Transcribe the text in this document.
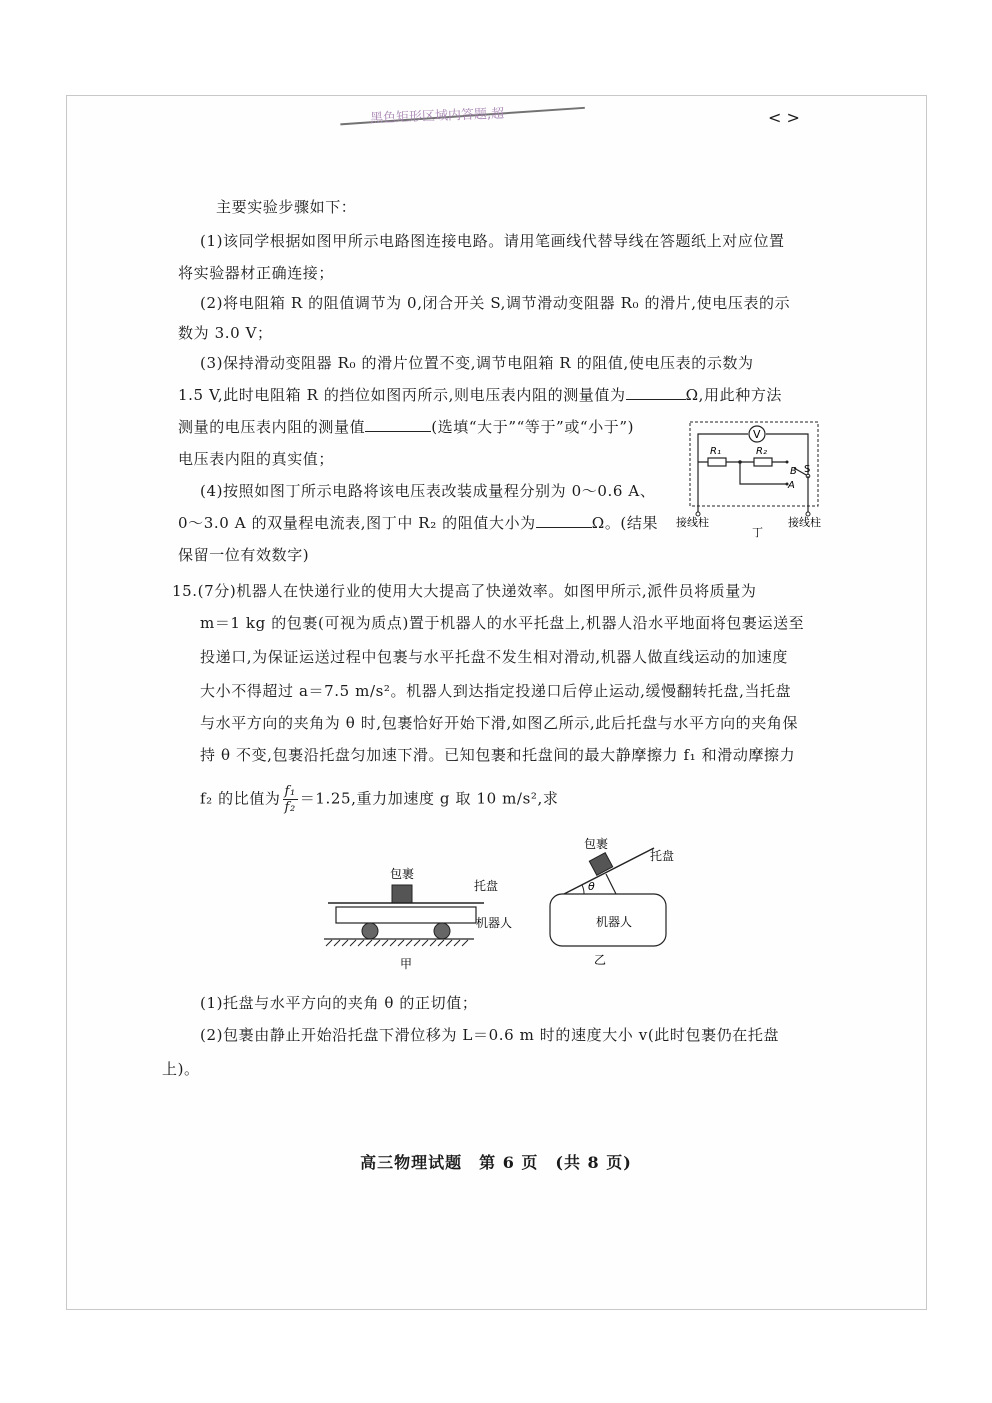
黑色矩形区域内答题,超	< >
主要实验步骤如下：
(1)该同学根据如图甲所示电路图连接电路。请用笔画线代替导线在答题纸上对应位置
将实验器材正确连接；
(2)将电阻箱 R 的阻值调节为 0,闭合开关 S,调节滑动变阻器 R₀ 的滑片,使电压表的示
数为 3.0 V；
(3)保持滑动变阻器 R₀ 的滑片位置不变,调节电阻箱 R 的阻值,使电压表的示数为
1.5 V,此时电阻箱 R 的挡位如图丙所示,则电压表内阻的测量值为	Ω,用此种方法
测量的电压表内阻的测量值	(选填“大于”“等于”或“小于”)
电压表内阻的真实值；
(4)按照如图丁所示电路将该电压表改装成量程分别为 0～0.6 A、
0～3.0 A 的双量程电流表,图丁中 R₂ 的阻值大小为	Ω。(结果
保留一位有效数字)
V
R₁	R₂
B S
A
接线柱	接线柱
丁
15.(7分)机器人在快递行业的使用大大提高了快递效率。如图甲所示,派件员将质量为
m＝1 kg 的包裹(可视为质点)置于机器人的水平托盘上,机器人沿水平地面将包裹运送至
投递口,为保证运送过程中包裹与水平托盘不发生相对滑动,机器人做直线运动的加速度
大小不得超过 a＝7.5 m/s²。机器人到达指定投递口后停止运动,缓慢翻转托盘,当托盘
与水平方向的夹角为 θ 时,包裹恰好开始下滑,如图乙所示,此后托盘与水平方向的夹角保
持 θ 不变,包裹沿托盘匀加速下滑。已知包裹和托盘间的最大静摩擦力 f₁ 和滑动摩擦力
f₂ 的比值为 $\frac{\text{f₁}}{\text{f₂}} =1.25$,重力加速度 g 取 10 m/s²,求
包裹
托盘
机器人
甲
包裹
θ
托盘
机器人
乙
(1)托盘与水平方向的夹角 θ 的正切值；
(2)包裹由静止开始沿托盘下滑位移为 L＝0.6 m 时的速度大小 v(此时包裹仍在托盘
上)。
高三物理试题　第 6 页　(共 8 页)
